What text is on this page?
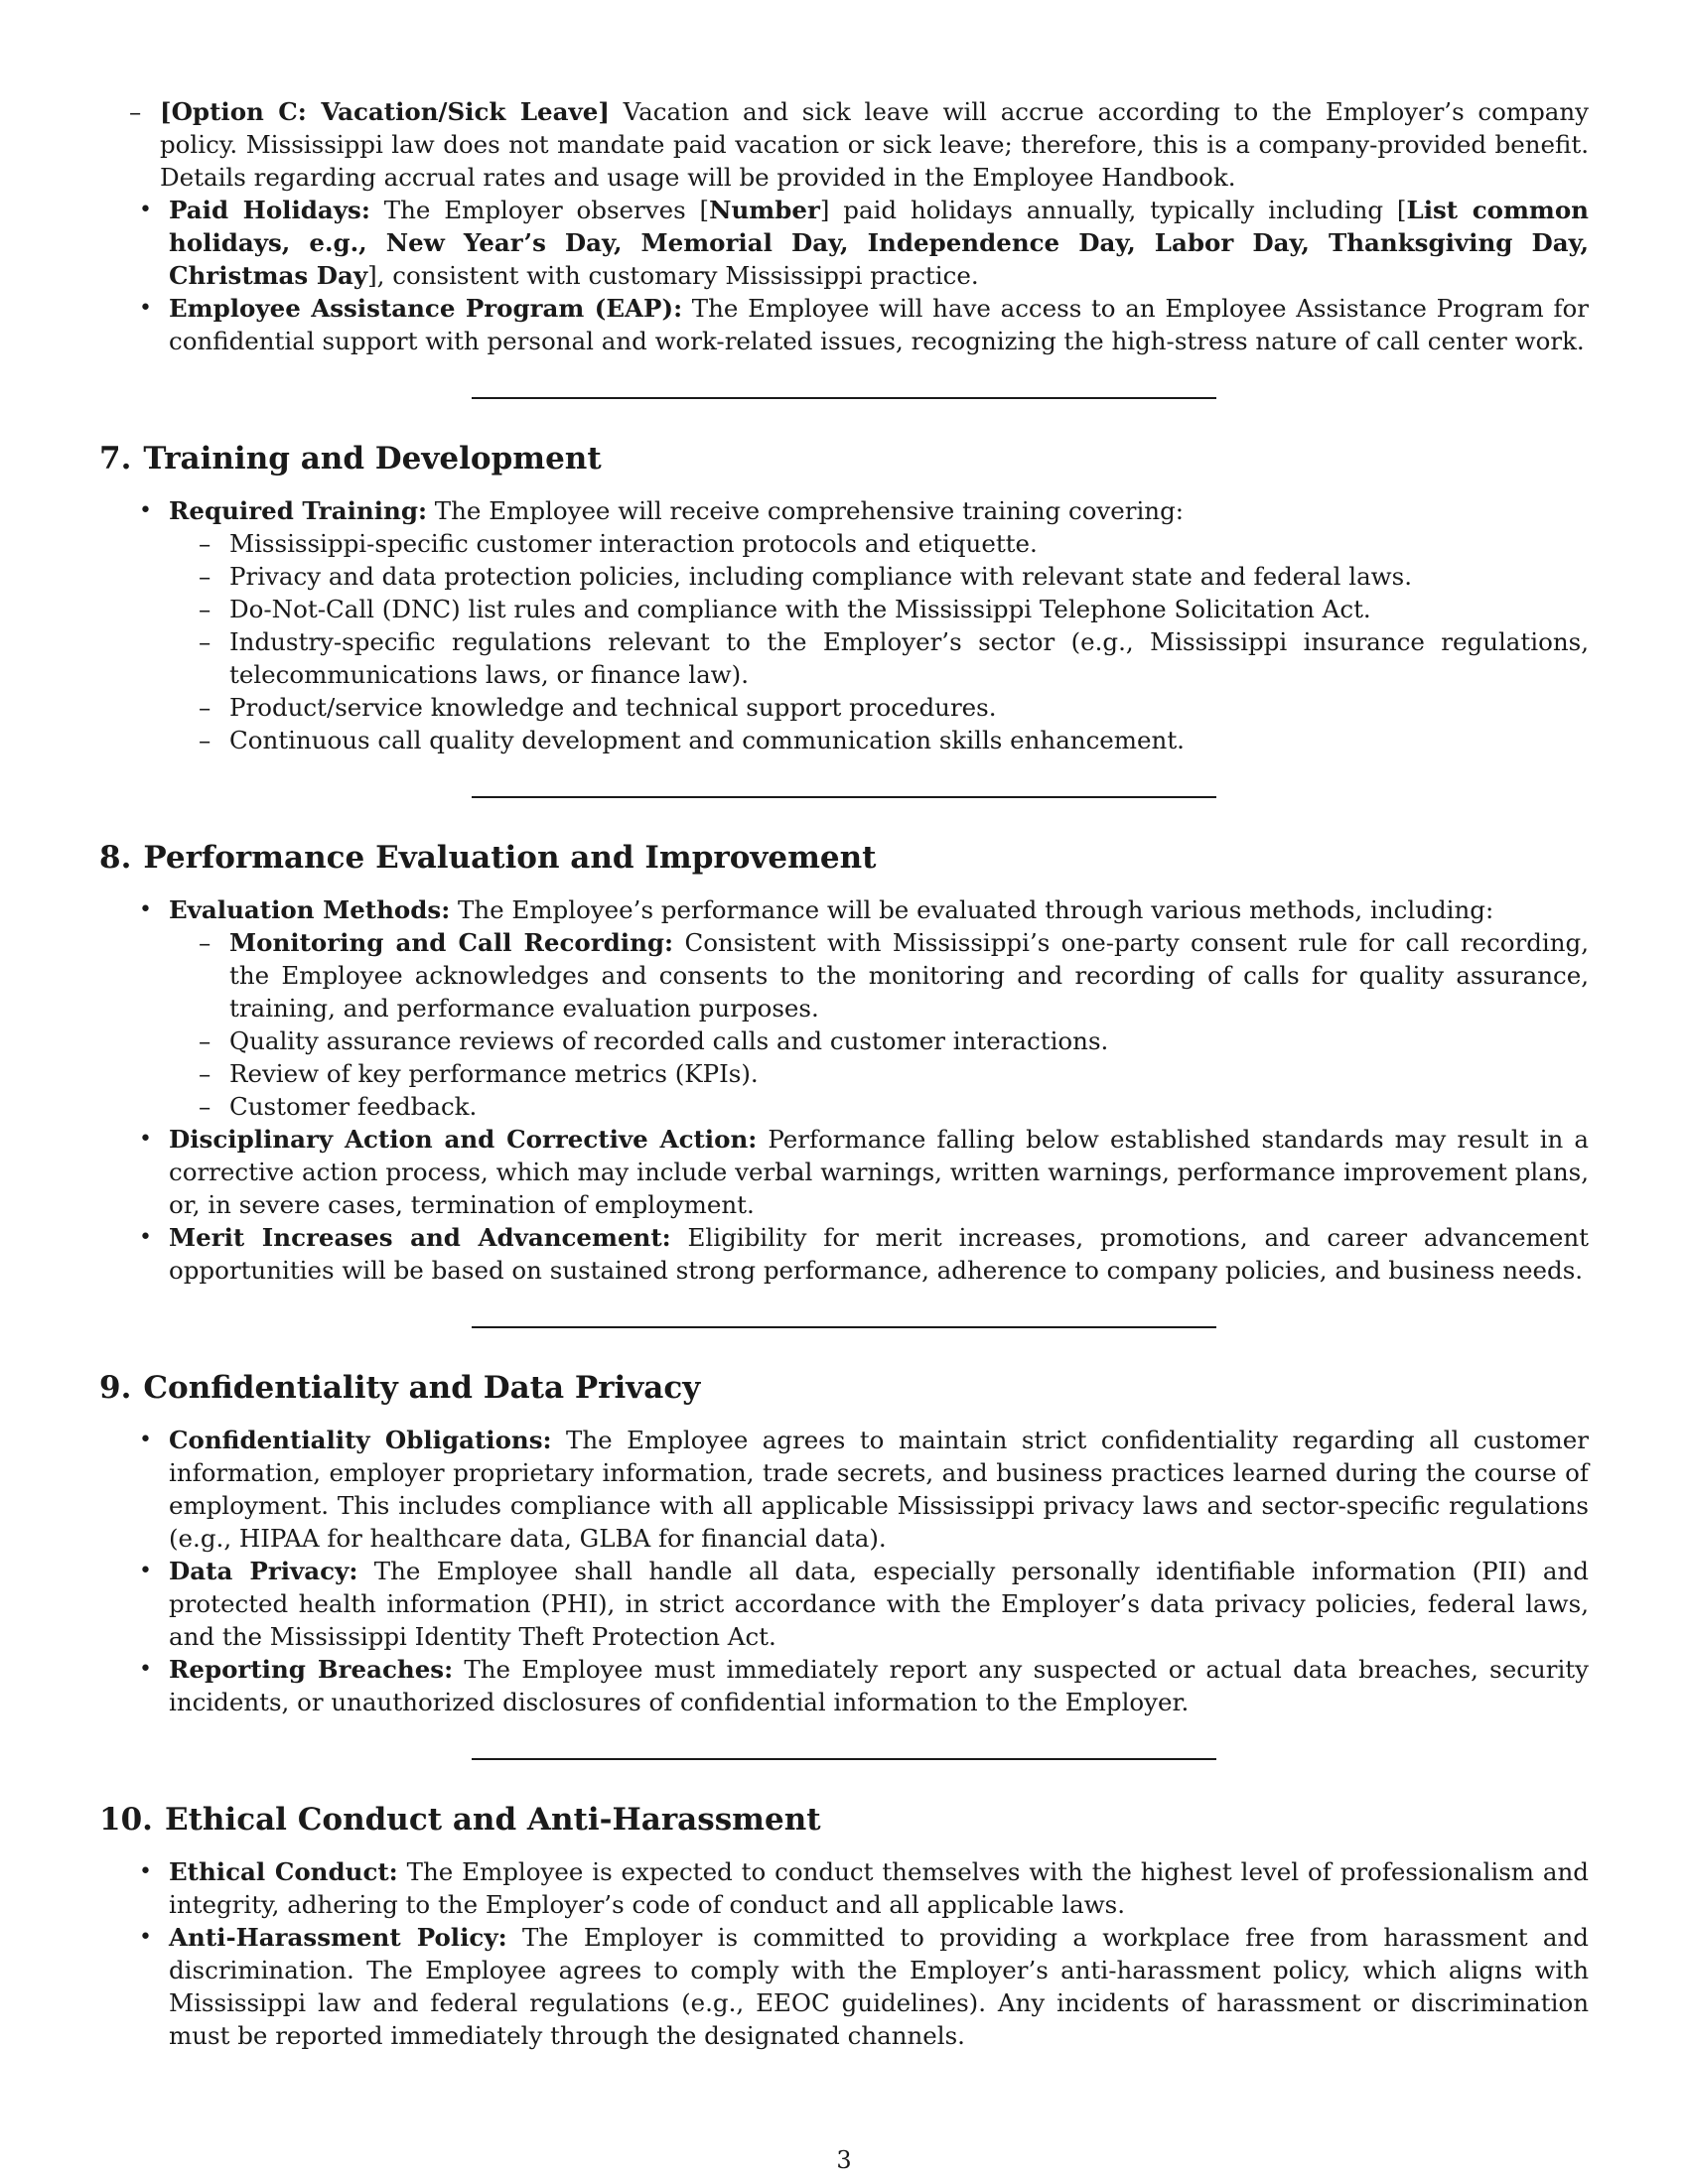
– [Option C: Vacation/Sick Leave] Vacation and sick leave will accrue according to the Employer’s company policy. Mississippi law does not mandate paid vacation or sick leave; therefore, this is a company-provided benefit. Details regarding accrual rates and usage will be provided in the Employee Handbook.
• Paid Holidays: The Employer observes [Number] paid holidays annually, typically including [List common holidays, e.g., New Year’s Day, Memorial Day, Independence Day, Labor Day, Thanksgiving Day, Christmas Day], consistent with customary Mississippi practice.
• Employee Assistance Program (EAP): The Employee will have access to an Employee Assistance Program for confidential support with personal and work-related issues, recognizing the high-stress nature of call center work.
7. Training and Development
• Required Training: The Employee will receive comprehensive training covering:
– Mississippi-specific customer interaction protocols and etiquette.
– Privacy and data protection policies, including compliance with relevant state and federal laws.
– Do-Not-Call (DNC) list rules and compliance with the Mississippi Telephone Solicitation Act.
– Industry-specific regulations relevant to the Employer’s sector (e.g., Mississippi insurance regulations, telecommunications laws, or finance law).
– Product/service knowledge and technical support procedures.
– Continuous call quality development and communication skills enhancement.
8. Performance Evaluation and Improvement
• Evaluation Methods: The Employee’s performance will be evaluated through various methods, including:
– Monitoring and Call Recording: Consistent with Mississippi’s one-party consent rule for call recording, the Employee acknowledges and consents to the monitoring and recording of calls for quality assurance, training, and performance evaluation purposes.
– Quality assurance reviews of recorded calls and customer interactions.
– Review of key performance metrics (KPIs).
– Customer feedback.
• Disciplinary Action and Corrective Action: Performance falling below established standards may result in a corrective action process, which may include verbal warnings, written warnings, performance improvement plans, or, in severe cases, termination of employment.
• Merit Increases and Advancement: Eligibility for merit increases, promotions, and career advancement opportunities will be based on sustained strong performance, adherence to company policies, and business needs.
9. Confidentiality and Data Privacy
• Confidentiality Obligations: The Employee agrees to maintain strict confidentiality regarding all customer information, employer proprietary information, trade secrets, and business practices learned during the course of employment. This includes compliance with all applicable Mississippi privacy laws and sector-specific regulations (e.g., HIPAA for healthcare data, GLBA for financial data).
• Data Privacy: The Employee shall handle all data, especially personally identifiable information (PII) and protected health information (PHI), in strict accordance with the Employer’s data privacy policies, federal laws, and the Mississippi Identity Theft Protection Act.
• Reporting Breaches: The Employee must immediately report any suspected or actual data breaches, security incidents, or unauthorized disclosures of confidential information to the Employer.
10. Ethical Conduct and Anti-Harassment
• Ethical Conduct: The Employee is expected to conduct themselves with the highest level of professionalism and integrity, adhering to the Employer’s code of conduct and all applicable laws.
• Anti-Harassment Policy: The Employer is committed to providing a workplace free from harassment and discrimination. The Employee agrees to comply with the Employer’s anti-harassment policy, which aligns with Mississippi law and federal regulations (e.g., EEOC guidelines). Any incidents of harassment or discrimination must be reported immediately through the designated channels.
3
